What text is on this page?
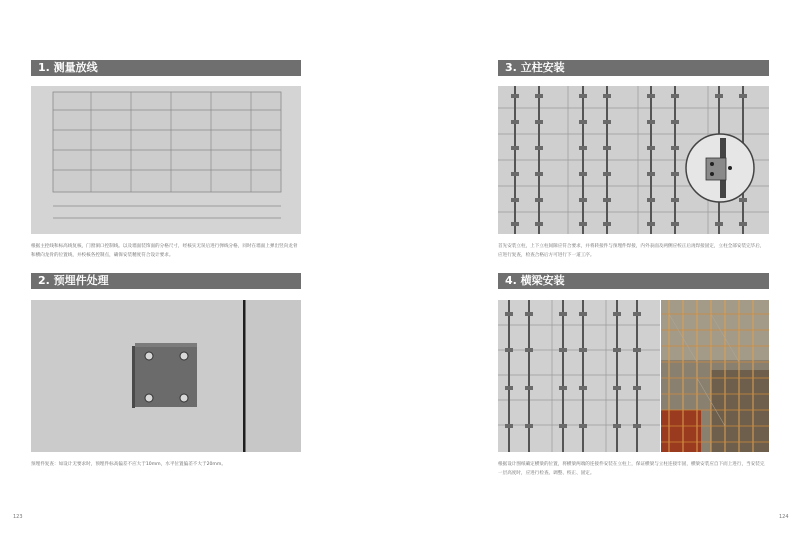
1. 测量放线
根据主控线和标高线复核，门窗洞口控制线。以及墙面装饰面的分格尺寸，经核实无误后进行弹线分格，同时在墙面上弹出竖向龙骨和横向龙骨的位置线，并校核各控制点，确保安装精度符合设计要求。
2. 预埋件处理
预埋件复查：如设计无要求时，预埋件标高偏差不应大于10mm，水平位置偏差不大于20mm。
123
3. 立柱安装
首先安装立柱，上下立柱间隙应符合要求，并将转接件与预埋件焊接，内外表面及两侧应校正后再焊接固定，立柱全部安装完毕后，应进行复查，检查合格后方可进行下一道工序。
4. 横梁安装
根据设计图纸确定横梁的位置，将横梁两端的连接件安装在立柱上，保证横梁与立柱连接牢固，横梁安装应自下而上进行，当安装完一层高度时，应进行检查、调整、校正、固定。
124
